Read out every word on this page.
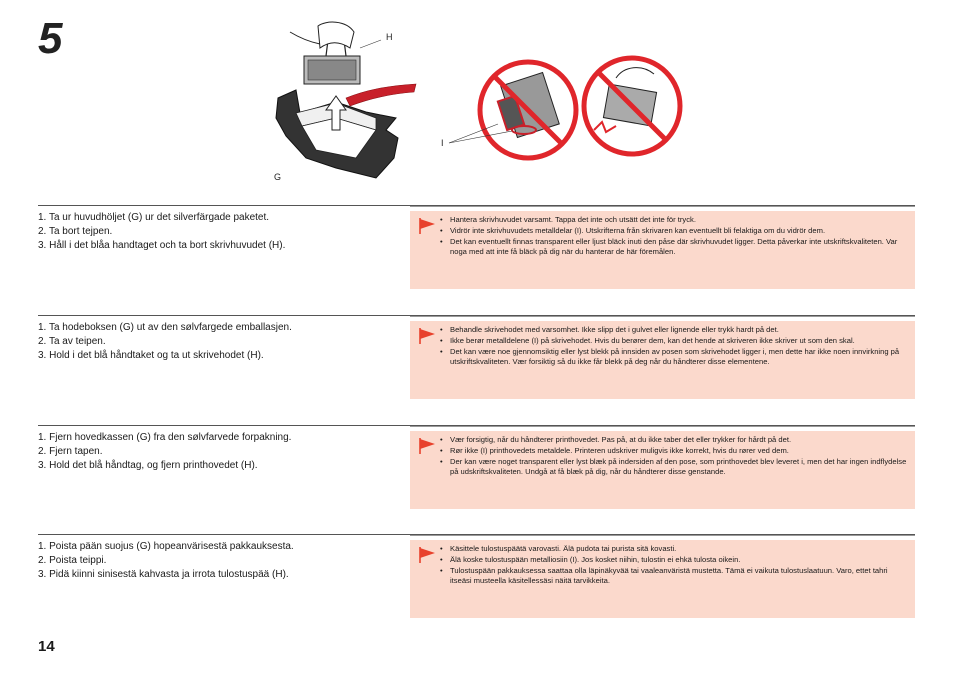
5	H
I
G
1. Ta ur huvudhöljet (G) ur det silverfärgade paketet.
2. Ta bort tejpen.
3. Håll i det blåa handtaget och ta bort skrivhuvudet (H).
• Hantera skrivhuvudet varsamt. Tappa det inte och utsätt det inte för tryck.
• Vidrör inte skrivhuvudets metalldelar (I). Utskrifterna från skrivaren kan eventuellt bli felaktiga om du vidrör dem.
• Det kan eventuellt finnas transparent eller ljust bläck inuti den påse där skrivhuvudet ligger. Detta påverkar inte utskriftskvaliteten. Var noga med att inte få bläck på dig när du hanterar de här föremålen.
1. Ta hodeboksen (G) ut av den sølvfargede emballasjen.
2. Ta av teipen.
3. Hold i det blå håndtaket og ta ut skrivehodet (H).
• Behandle skrivehodet med varsomhet. Ikke slipp det i gulvet eller lignende eller trykk hardt på det.
• Ikke berør metalldelene (I) på skrivehodet. Hvis du berører dem, kan det hende at skriveren ikke skriver ut som den skal.
• Det kan være noe gjennomsiktig eller lyst blekk på innsiden av posen som skrivehodet ligger i, men dette har ikke noen innvirkning på utskriftskvaliteten. Vær forsiktig så du ikke får blekk på deg når du håndterer disse elementene.
1. Fjern hovedkassen (G) fra den sølvfarvede forpakning.
2. Fjern tapen.
3. Hold det blå håndtag, og fjern printhovedet (H).
• Vær forsigtig, når du håndterer printhovedet. Pas på, at du ikke taber det eller trykker for hårdt på det.
• Rør ikke (I) printhovedets metaldele. Printeren udskriver muligvis ikke korrekt, hvis du rører ved dem.
• Der kan være noget transparent eller lyst blæk på indersiden af den pose, som printhovedet blev leveret i, men det har ingen indflydelse på udskriftskvaliteten. Undgå at få blæk på dig, når du håndterer disse genstande.
1. Poista pään suojus (G) hopeanvärisestä pakkauksesta.
2. Poista teippi.
3. Pidä kiinni sinisestä kahvasta ja irrota tulostuspää (H).
• Käsittele tulostuspäätä varovasti. Älä pudota tai purista sitä kovasti.
• Älä koske tulostuspään metalliosiin (I). Jos kosket niihin, tulostin ei ehkä tulosta oikein.
• Tulostuspään pakkauksessa saattaa olla läpinäkyvää tai vaaleanväristä mustetta. Tämä ei vaikuta tulostuslaatuun. Varo, ettet tahri itseäsi musteella käsitellessäsi näitä tarvikkeita.
14
